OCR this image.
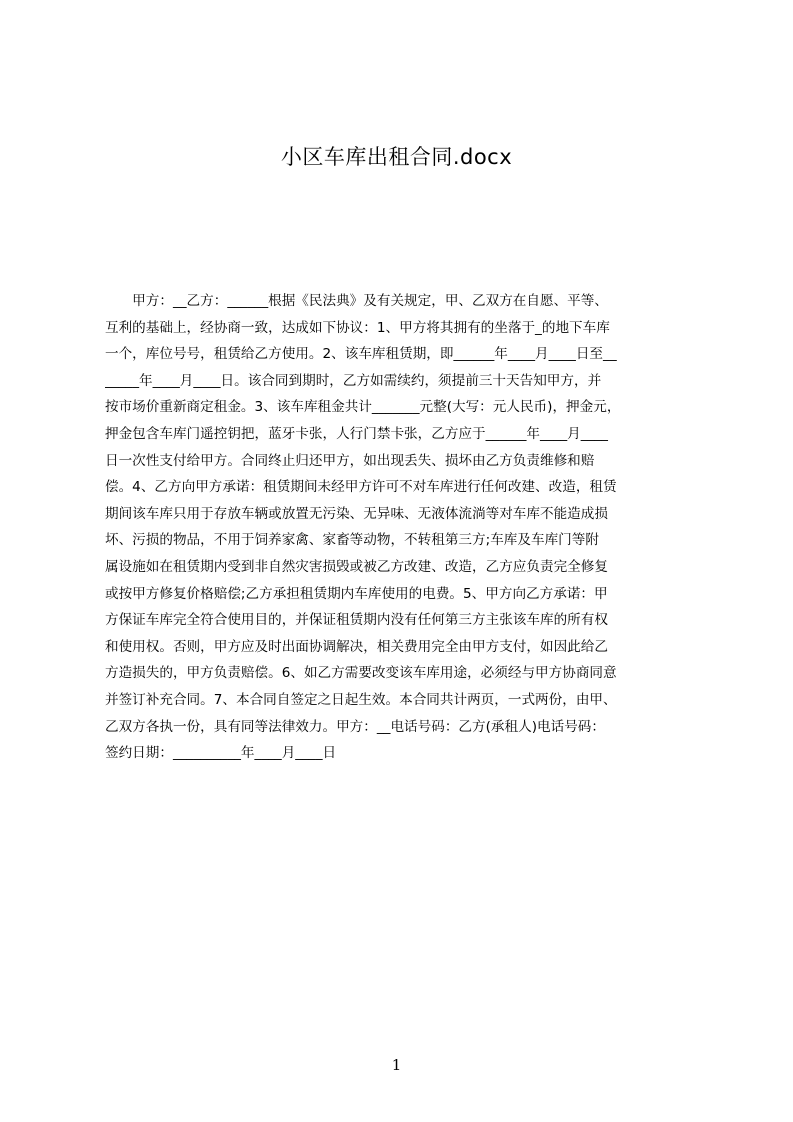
小区车库出租合同.docx
　　甲方：__乙方：______根据《民法典》及有关规定，甲、乙双方在自愿、平等、
互利的基础上，经协商一致，达成如下协议：1、甲方将其拥有的坐落于_的地下车库
一个，库位号号，租赁给乙方使用。2、该车库租赁期，即______年____月____日至__
_____年____月____日。该合同到期时，乙方如需续约，须提前三十天告知甲方，并
按市场价重新商定租金。3、该车库租金共计_______元整(大写：元人民币)，押金元，
押金包含车库门遥控钥把，蓝牙卡张，人行门禁卡张，乙方应于______年____月____
日一次性支付给甲方。合同终止归还甲方，如出现丢失、损坏由乙方负责维修和赔
偿。4、乙方向甲方承诺：租赁期间未经甲方许可不对车库进行任何改建、改造，租赁
期间该车库只用于存放车辆或放置无污染、无异味、无液体流淌等对车库不能造成损
坏、污损的物品，不用于饲养家禽、家畜等动物，不转租第三方;车库及车库门等附
属设施如在租赁期内受到非自然灾害损毁或被乙方改建、改造，乙方应负责完全修复
或按甲方修复价格赔偿;乙方承担租赁期内车库使用的电费。5、甲方向乙方承诺：甲
方保证车库完全符合使用目的，并保证租赁期内没有任何第三方主张该车库的所有权
和使用权。否则，甲方应及时出面协调解决，相关费用完全由甲方支付，如因此给乙
方造损失的，甲方负责赔偿。6、如乙方需要改变该车库用途，必须经与甲方协商同意
并签订补充合同。7、本合同自签定之日起生效。本合同共计两页，一式两份，由甲、
乙双方各执一份，具有同等法律效力。甲方：__电话号码：乙方(承租人)电话号码：
签约日期：__________年____月____日
1
